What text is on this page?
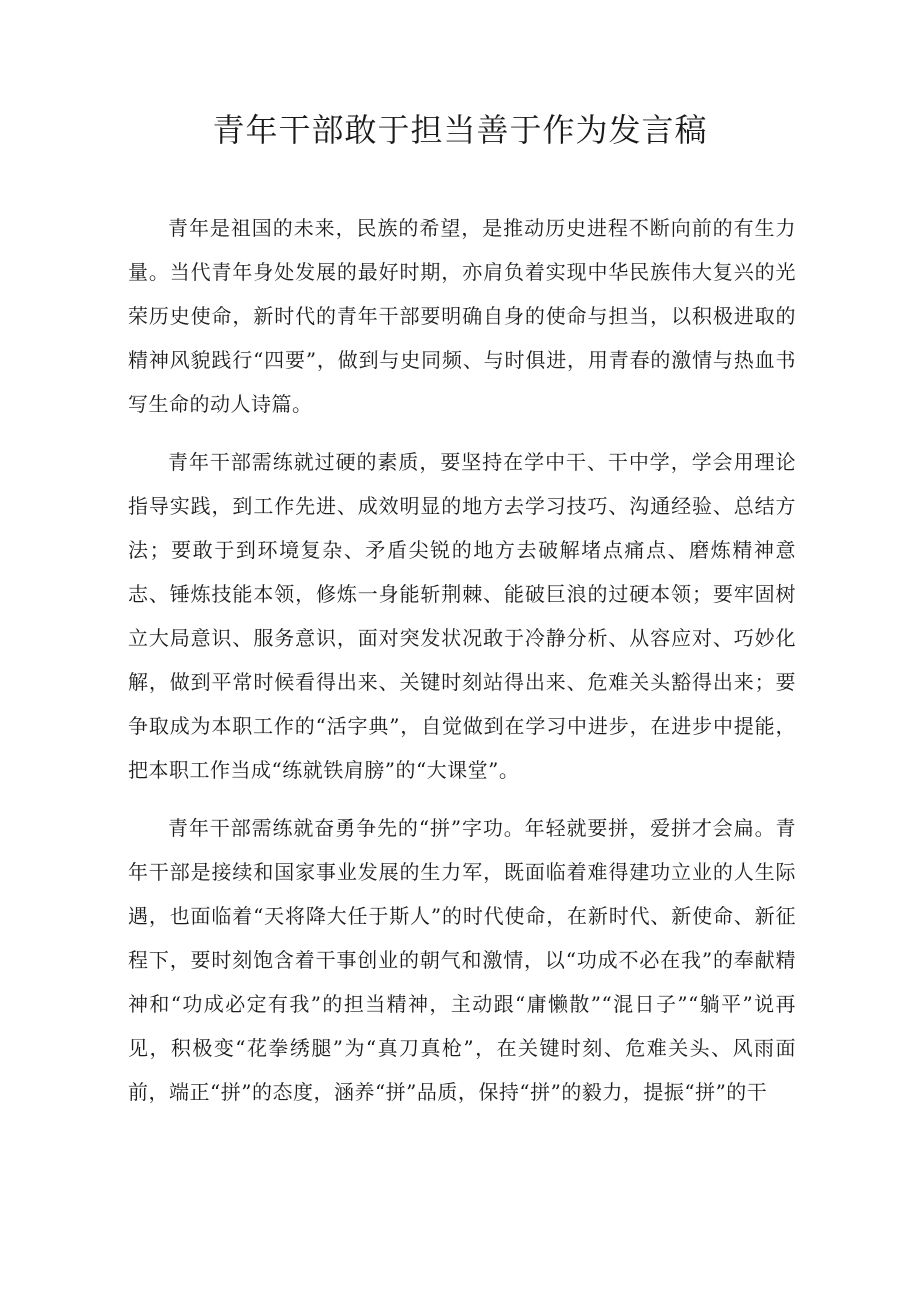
青年干部敢于担当善于作为发言稿

青年是祖国的未来，民族的希望，是推动历史进程不断向前的有生力量。当代青年身处发展的最好时期，亦肩负着实现中华民族伟大复兴的光荣历史使命，新时代的青年干部要明确自身的使命与担当，以积极进取的精神风貌践行“四要”，做到与史同频、与时俱进，用青春的激情与热血书写生命的动人诗篇。

青年干部需练就过硬的素质，要坚持在学中干、干中学，学会用理论指导实践，到工作先进、成效明显的地方去学习技巧、沟通经验、总结方法；要敢于到环境复杂、矛盾尖锐的地方去破解堵点痛点、磨炼精神意志、锤炼技能本领，修炼一身能斩荆棘、能破巨浪的过硬本领；要牢固树立大局意识、服务意识，面对突发状况敢于冷静分析、从容应对、巧妙化解，做到平常时候看得出来、关键时刻站得出来、危难关头豁得出来；要争取成为本职工作的“活字典”，自觉做到在学习中进步，在进步中提能，把本职工作当成“练就铁肩膀”的“大课堂”。

青年干部需练就奋勇争先的“拼”字功。年轻就要拼，爱拼才会扁。青年干部是接续和国家事业发展的生力军，既面临着难得建功立业的人生际遇，也面临着“天将降大任于斯人”的时代使命，在新时代、新使命、新征程下，要时刻饱含着干事创业的朝气和激情，以“功成不必在我”的奉献精神和“功成必定有我”的担当精神，主动跟“庸懒散”“混日子”“躺平”说再见，积极变“花拳绣腿”为“真刀真枪”，在关键时刻、危难关头、风雨面前，端正“拼”的态度，涵养“拼”品质，保持“拼”的毅力，提振“拼”的干
